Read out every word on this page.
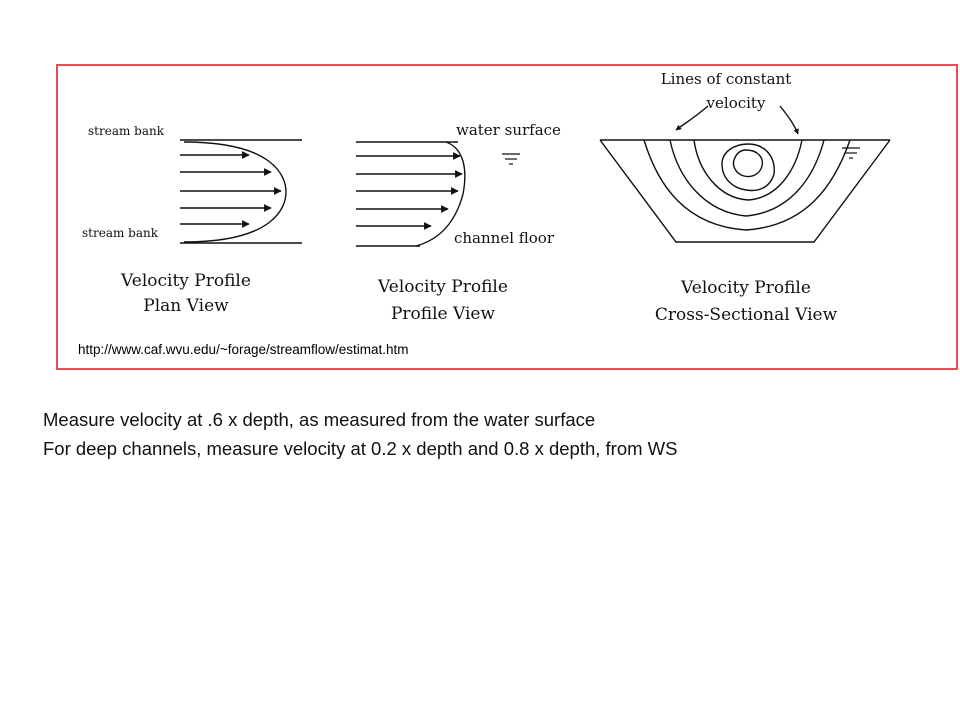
stream bank
stream bank
Velocity Profile
Plan View
water surface
channel floor
Velocity Profile
Profile View
Lines of constant
velocity
Velocity Profile
Cross-Sectional View
http://www.caf.wvu.edu/~forage/streamflow/estimat.htm
Measure velocity at .6 x depth, as measured from the water surface
For deep channels, measure velocity at 0.2 x depth and 0.8 x depth, from WS
